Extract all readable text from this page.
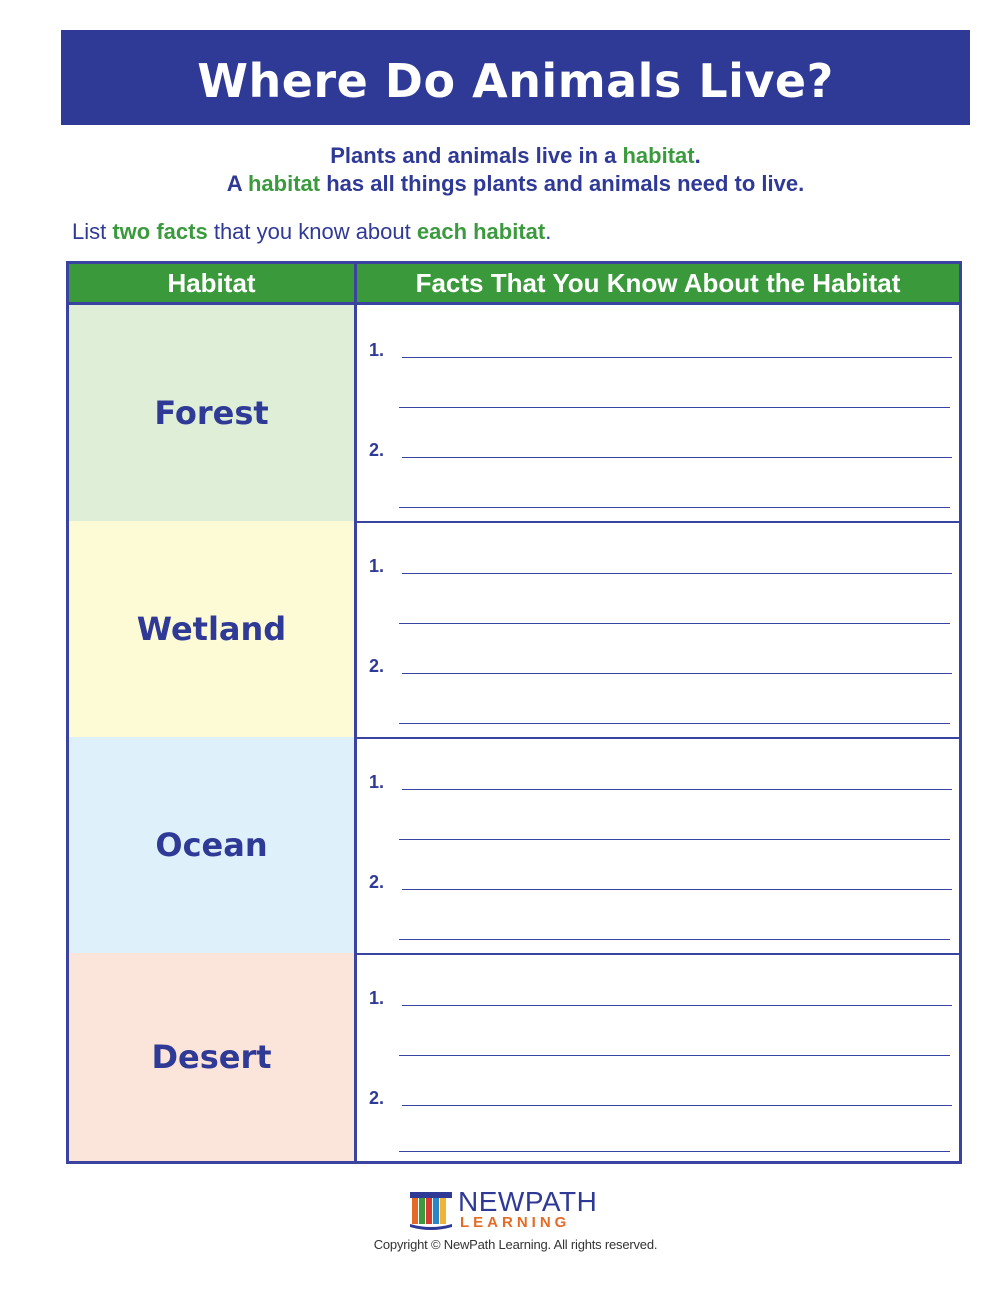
Where Do Animals Live?
Plants and animals live in a habitat.
A habitat has all things plants and animals need to live.
List two facts that you know about each habitat.
Habitat	Facts That You Know About the Habitat
Forest
1.
2.
Wetland
1.
2.
Ocean
1.
2.
Desert
1.
2.
NEWPATH
LEARNING
Copyright © NewPath Learning. All rights reserved.
